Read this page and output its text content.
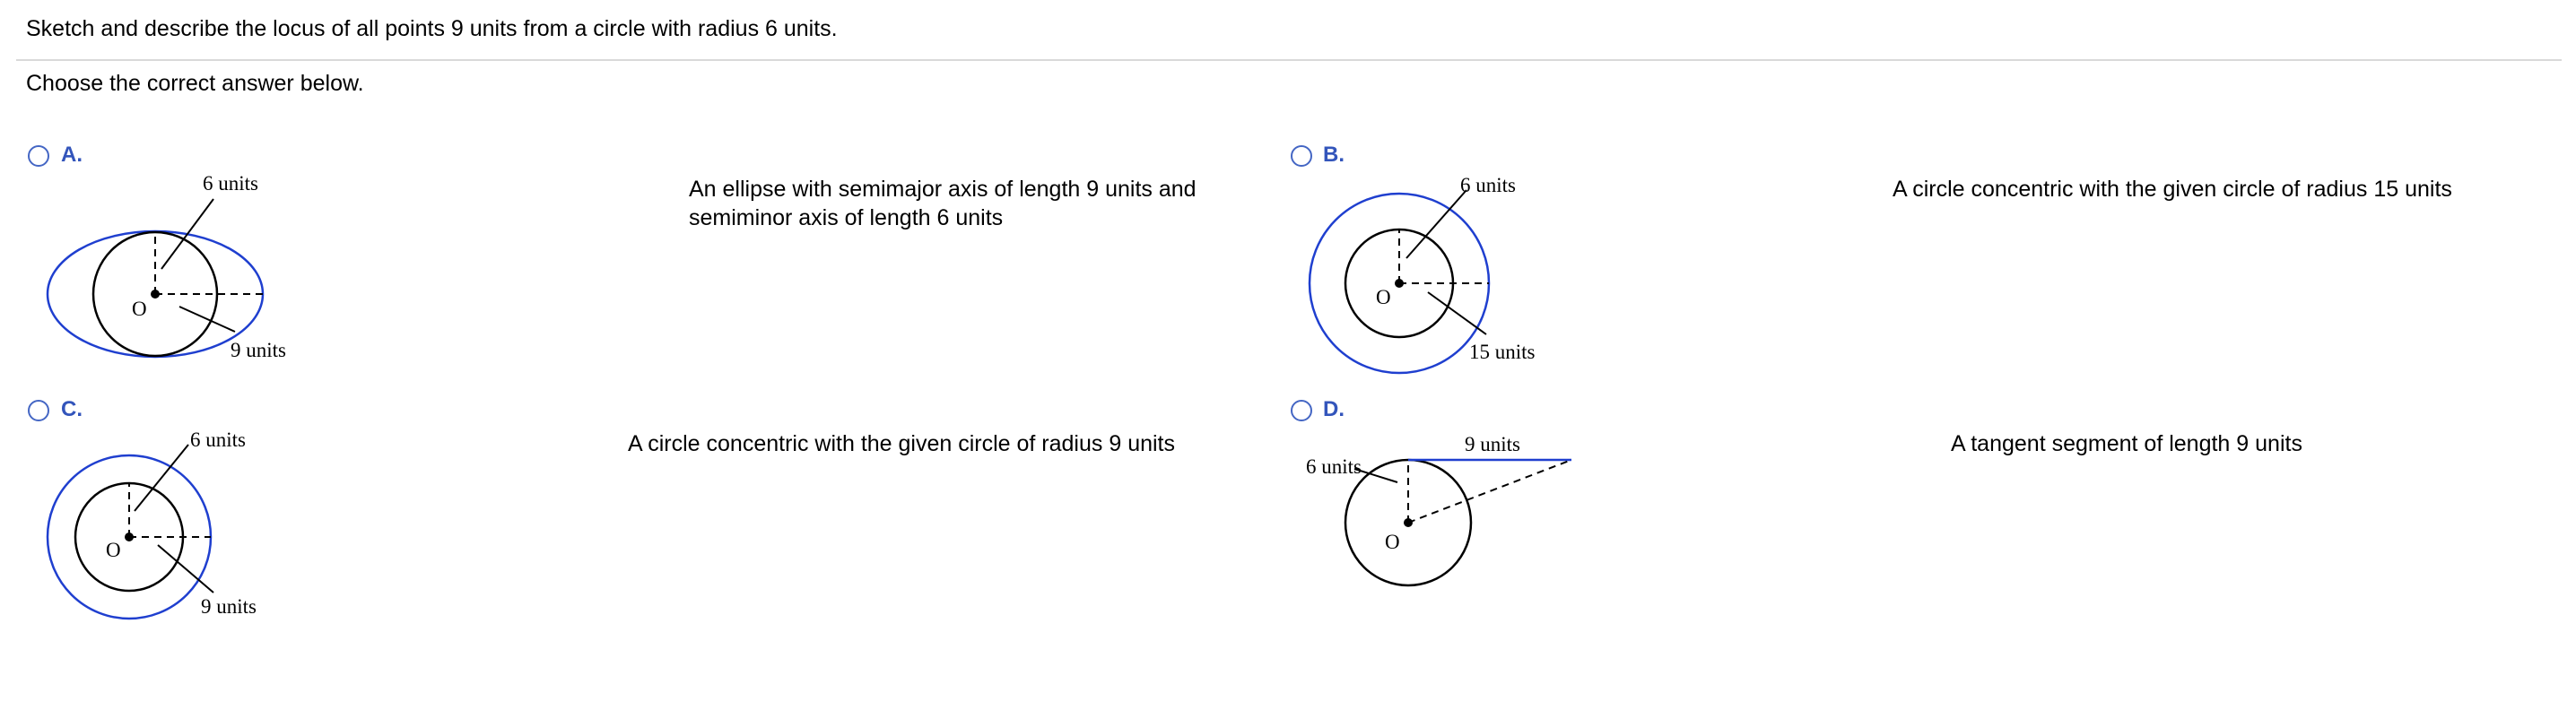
Sketch and describe the locus of all points 9 units from a circle with radius 6 units.
Choose the correct answer below.
A.
6 units
9 units
O
An ellipse with semimajor axis of length 9 units and semiminor axis of length 6 units
B.
6 units
15 units
O
A circle concentric with the given circle of radius 15 units
C.
6 units
9 units
O
A circle concentric with the given circle of radius 9 units
D.
9 units
6 units
O
A tangent segment of length 9 units
